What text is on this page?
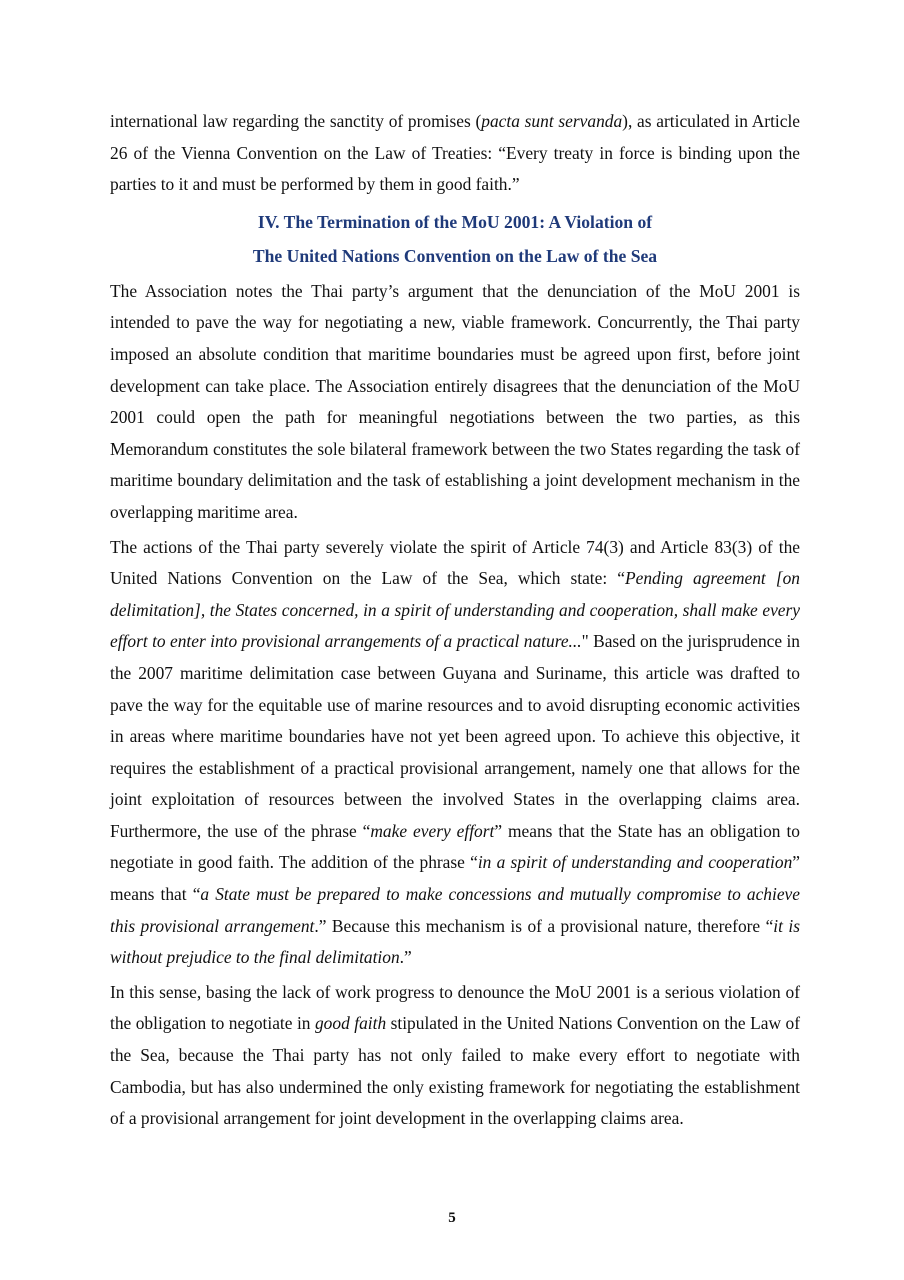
international law regarding the sanctity of promises (pacta sunt servanda), as articulated in Article 26 of the Vienna Convention on the Law of Treaties: “Every treaty in force is binding upon the parties to it and must be performed by them in good faith.”

IV. The Termination of the MoU 2001: A Violation of
The United Nations Convention on the Law of the Sea

The Association notes the Thai party’s argument that the denunciation of the MoU 2001 is intended to pave the way for negotiating a new, viable framework. Concurrently, the Thai party imposed an absolute condition that maritime boundaries must be agreed upon first, before joint development can take place. The Association entirely disagrees that the denunciation of the MoU 2001 could open the path for meaningful negotiations between the two parties, as this Memorandum constitutes the sole bilateral framework between the two States regarding the task of maritime boundary delimitation and the task of establishing a joint development mechanism in the overlapping maritime area.

The actions of the Thai party severely violate the spirit of Article 74(3) and Article 83(3) of the United Nations Convention on the Law of the Sea, which state: “Pending agreement [on delimitation], the States concerned, in a spirit of understanding and cooperation, shall make every effort to enter into provisional arrangements of a practical nature..." Based on the jurisprudence in the 2007 maritime delimitation case between Guyana and Suriname, this article was drafted to pave the way for the equitable use of marine resources and to avoid disrupting economic activities in areas where maritime boundaries have not yet been agreed upon. To achieve this objective, it requires the establishment of a practical provisional arrangement, namely one that allows for the joint exploitation of resources between the involved States in the overlapping claims area. Furthermore, the use of the phrase “make every effort” means that the State has an obligation to negotiate in good faith. The addition of the phrase “in a spirit of understanding and cooperation” means that “a State must be prepared to make concessions and mutually compromise to achieve this provisional arrangement.” Because this mechanism is of a provisional nature, therefore “it is without prejudice to the final delimitation.”

In this sense, basing the lack of work progress to denounce the MoU 2001 is a serious violation of the obligation to negotiate in good faith stipulated in the United Nations Convention on the Law of the Sea, because the Thai party has not only failed to make every effort to negotiate with Cambodia, but has also undermined the only existing framework for negotiating the establishment of a provisional arrangement for joint development in the overlapping claims area.

5
